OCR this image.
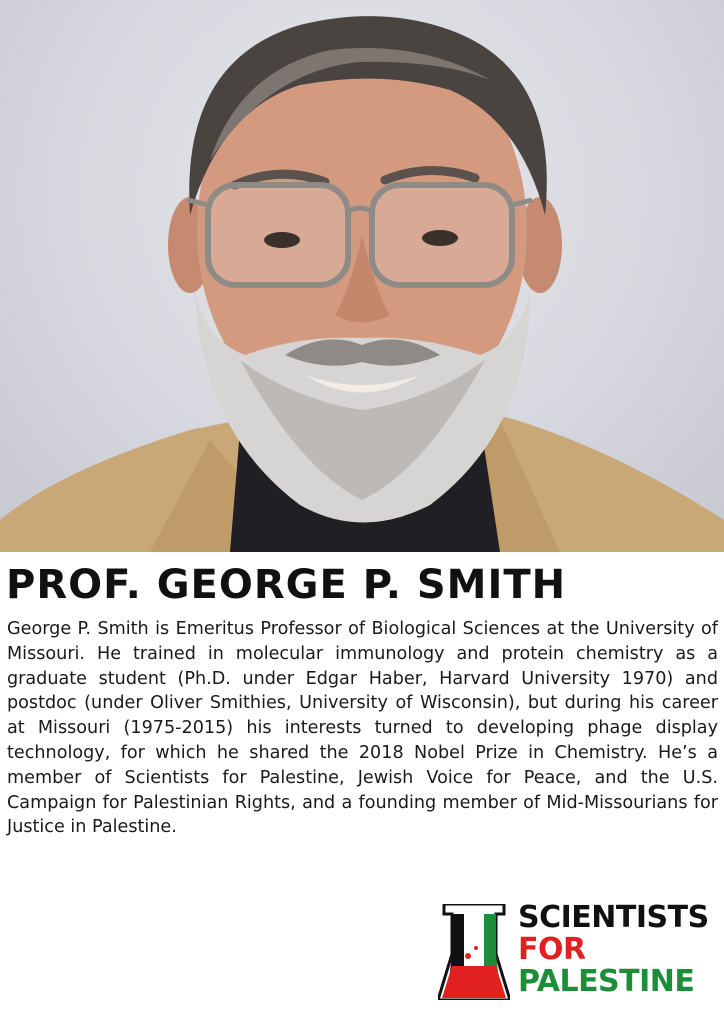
PROF. GEORGE P. SMITH

George P. Smith is Emeritus Professor of Biological Sciences at the University of Missouri. He trained in molecular immunology and protein chemistry as a graduate student (Ph.D. under Edgar Haber, Harvard University 1970) and postdoc (under Oliver Smithies, University of Wisconsin), but during his career at Missouri (1975-2015) his interests turned to developing phage display technology, for which he shared the 2018 Nobel Prize in Chemistry. He’s a member of Scientists for Palestine, Jewish Voice for Peace, and the U.S. Campaign for Palestinian Rights, and a founding member of Mid-Missourians for Justice in Palestine.

SCIENTISTS
FOR
PALESTINE
